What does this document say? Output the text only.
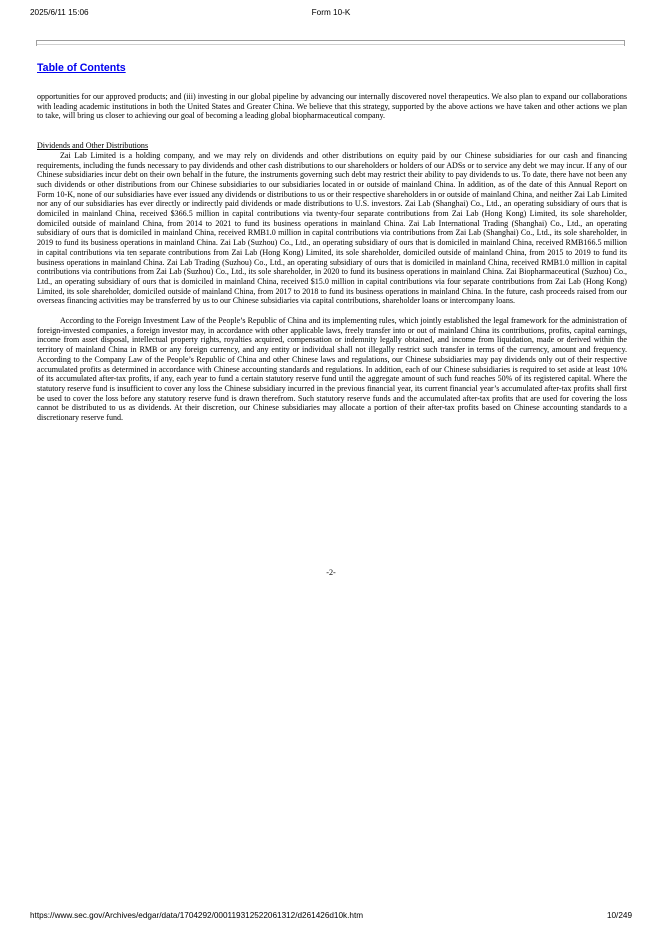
2025/6/11 15:06	Form 10-K
Table of Contents

opportunities for our approved products; and (iii) investing in our global pipeline by advancing our internally discovered novel therapeutics. We also plan to expand our collaborations with leading academic institutions in both the United States and Greater China. We believe that this strategy, supported by the above actions we have taken and other actions we plan to take, will bring us closer to achieving our goal of becoming a leading global biopharmaceutical company.

Dividends and Other Distributions

Zai Lab Limited is a holding company, and we may rely on dividends and other distributions on equity paid by our Chinese subsidiaries for our cash and financing requirements, including the funds necessary to pay dividends and other cash distributions to our shareholders or holders of our ADSs or to service any debt we may incur. If any of our Chinese subsidiaries incur debt on their own behalf in the future, the instruments governing such debt may restrict their ability to pay dividends to us. To date, there have not been any such dividends or other distributions from our Chinese subsidiaries to our subsidiaries located in or outside of mainland China. In addition, as of the date of this Annual Report on Form 10-K, none of our subsidiaries have ever issued any dividends or distributions to us or their respective shareholders in or outside of mainland China, and neither Zai Lab Limited nor any of our subsidiaries has ever directly or indirectly paid dividends or made distributions to U.S. investors. Zai Lab (Shanghai) Co., Ltd., an operating subsidiary of ours that is domiciled in mainland China, received $366.5 million in capital contributions via twenty-four separate contributions from Zai Lab (Hong Kong) Limited, its sole shareholder, domiciled outside of mainland China, from 2014 to 2021 to fund its business operations in mainland China. Zai Lab International Trading (Shanghai) Co., Ltd., an operating subsidiary of ours that is domiciled in mainland China, received RMB1.0 million in capital contributions via contributions from Zai Lab (Shanghai) Co., Ltd., its sole shareholder, in 2019 to fund its business operations in mainland China. Zai Lab (Suzhou) Co., Ltd., an operating subsidiary of ours that is domiciled in mainland China, received RMB166.5 million in capital contributions via ten separate contributions from Zai Lab (Hong Kong) Limited, its sole shareholder, domiciled outside of mainland China, from 2015 to 2019 to fund its business operations in mainland China. Zai Lab Trading (Suzhou) Co., Ltd., an operating subsidiary of ours that is domiciled in mainland China, received RMB1.0 million in capital contributions via contributions from Zai Lab (Suzhou) Co., Ltd., its sole shareholder, in 2020 to fund its business operations in mainland China. Zai Biopharmaceutical (Suzhou) Co., Ltd., an operating subsidiary of ours that is domiciled in mainland China, received $15.0 million in capital contributions via four separate contributions from Zai Lab (Hong Kong) Limited, its sole shareholder, domiciled outside of mainland China, from 2017 to 2018 to fund its business operations in mainland China. In the future, cash proceeds raised from our overseas financing activities may be transferred by us to our Chinese subsidiaries via capital contributions, shareholder loans or intercompany loans.

According to the Foreign Investment Law of the People’s Republic of China and its implementing rules, which jointly established the legal framework for the administration of foreign-invested companies, a foreign investor may, in accordance with other applicable laws, freely transfer into or out of mainland China its contributions, profits, capital earnings, income from asset disposal, intellectual property rights, royalties acquired, compensation or indemnity legally obtained, and income from liquidation, made or derived within the territory of mainland China in RMB or any foreign currency, and any entity or individual shall not illegally restrict such transfer in terms of the currency, amount and frequency. According to the Company Law of the People’s Republic of China and other Chinese laws and regulations, our Chinese subsidiaries may pay dividends only out of their respective accumulated profits as determined in accordance with Chinese accounting standards and regulations. In addition, each of our Chinese subsidiaries is required to set aside at least 10% of its accumulated after-tax profits, if any, each year to fund a certain statutory reserve fund until the aggregate amount of such fund reaches 50% of its registered capital. Where the statutory reserve fund is insufficient to cover any loss the Chinese subsidiary incurred in the previous financial year, its current financial year’s accumulated after-tax profits shall first be used to cover the loss before any statutory reserve fund is drawn therefrom. Such statutory reserve funds and the accumulated after-tax profits that are used for covering the loss cannot be distributed to us as dividends. At their discretion, our Chinese subsidiaries may allocate a portion of their after-tax profits based on Chinese accounting standards to a discretionary reserve fund.

-2-
https://www.sec.gov/Archives/edgar/data/1704292/000119312522061312/d261426d10k.htm	10/249
